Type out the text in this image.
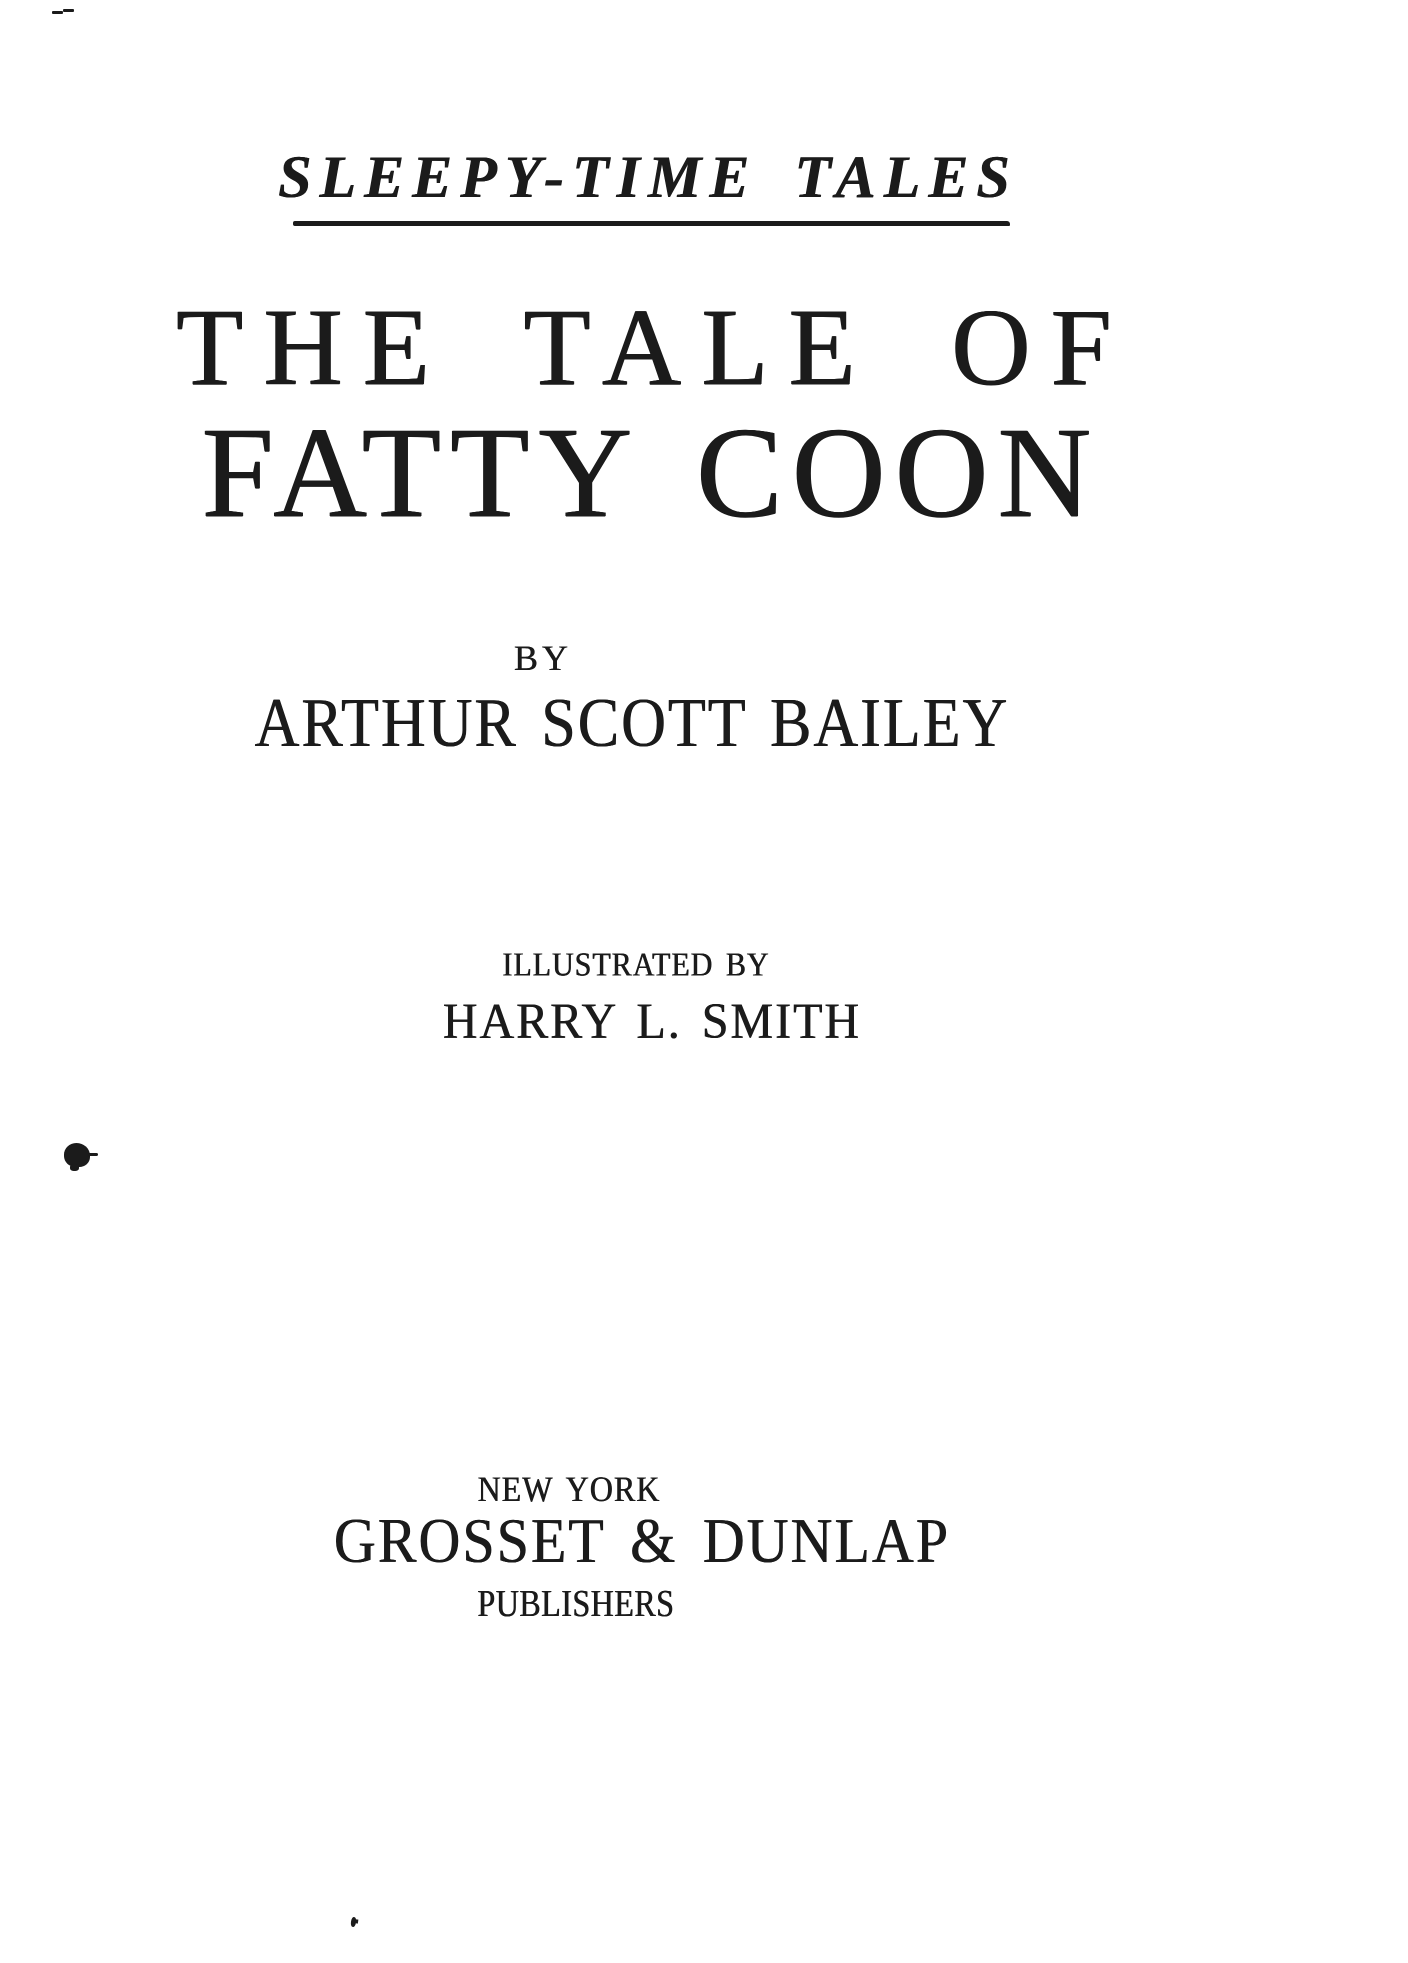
SLEEPY-TIME TALES
THE TALE OF
FATTY COON
BY
ARTHUR SCOTT BAILEY
ILLUSTRATED BY
HARRY L. SMITH
NEW YORK
GROSSET & DUNLAP
PUBLISHERS
